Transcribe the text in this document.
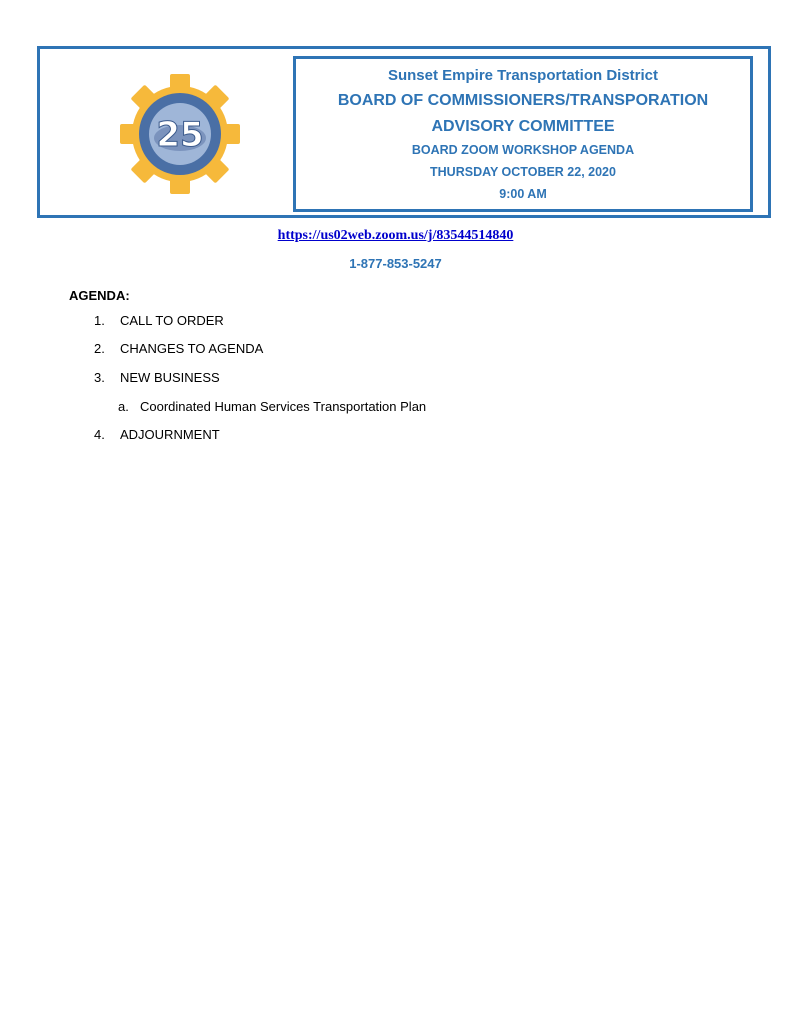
25
Sunset Empire Transportation District
BOARD OF COMMISSIONERS/TRANSPORATION
ADVISORY COMMITTEE
BOARD ZOOM WORKSHOP AGENDA
THURSDAY OCTOBER 22, 2020
9:00 AM
https://us02web.zoom.us/j/83544514840
1-877-853-5247
AGENDA:
1. CALL TO ORDER
2. CHANGES TO AGENDA
3. NEW BUSINESS
a. Coordinated Human Services Transportation Plan
4. ADJOURNMENT
